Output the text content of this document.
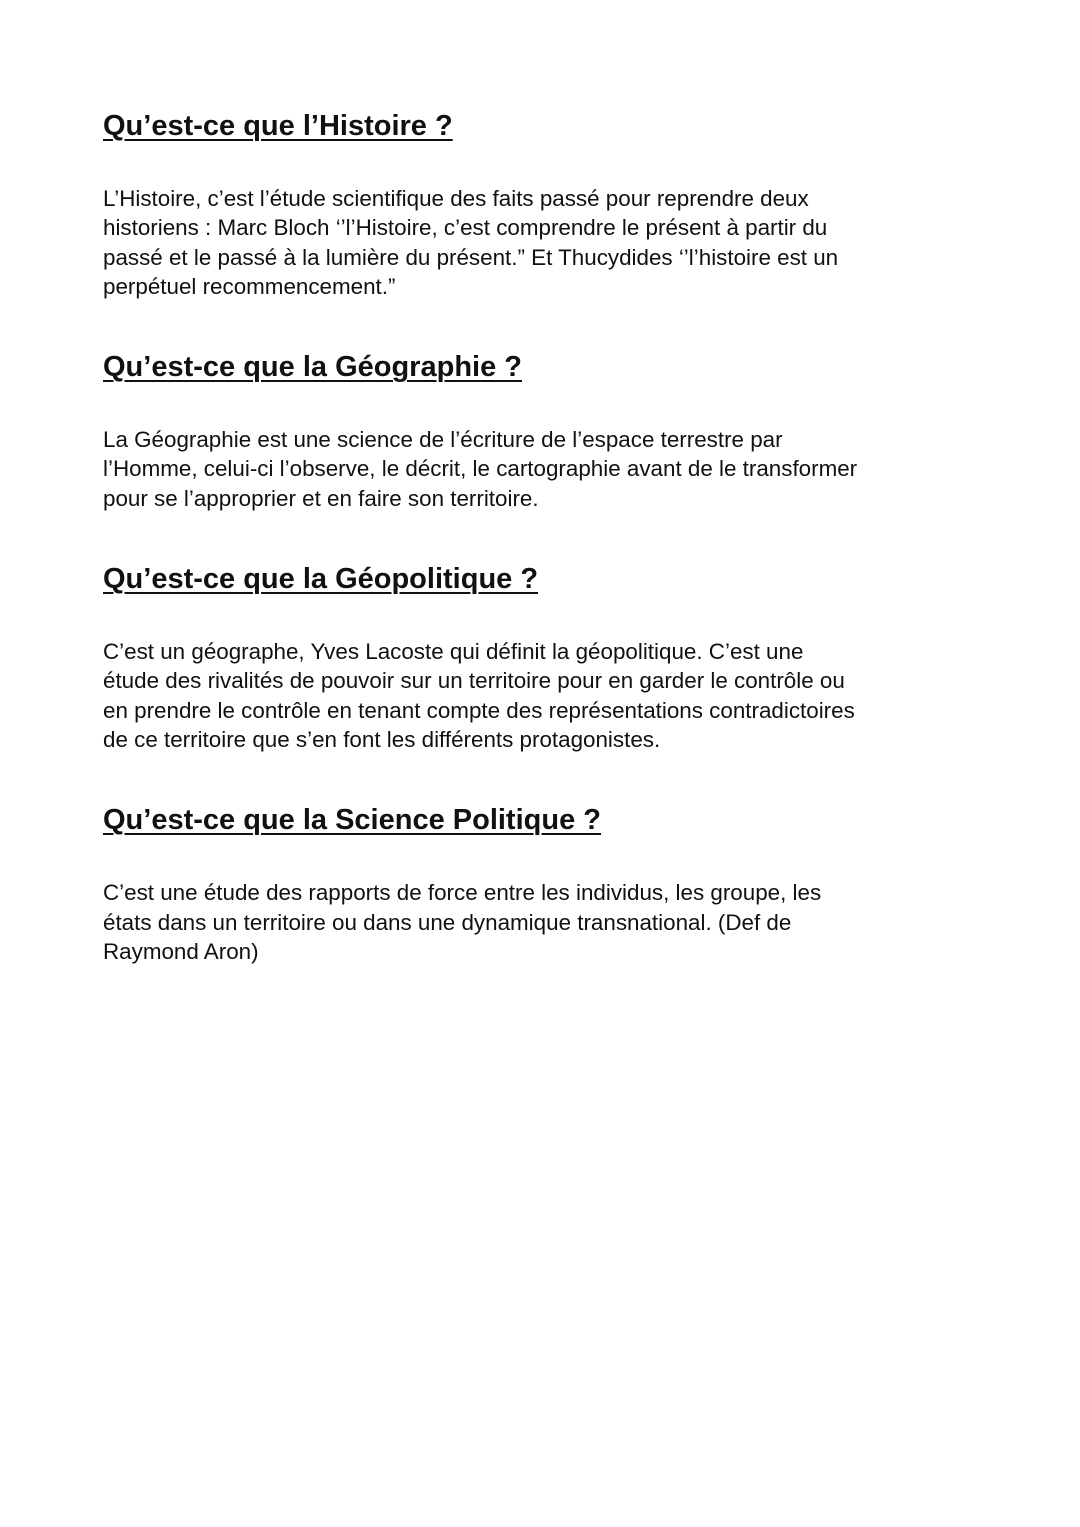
Qu’est-ce que l’Histoire ?

L’Histoire, c’est l’étude scientifique des faits passé pour reprendre deux
historiens : Marc Bloch ‘’l’Histoire, c’est comprendre le présent à partir du
passé et le passé à la lumière du présent.” Et Thucydides ‘’l’histoire est un
perpétuel recommencement.”

Qu’est-ce que la Géographie ?

La Géographie est une science de l’écriture de l’espace terrestre par
l’Homme, celui-ci l’observe, le décrit, le cartographie avant de le transformer
pour se l’approprier et en faire son territoire.

Qu’est-ce que la Géopolitique ?

C’est un géographe, Yves Lacoste qui définit la géopolitique. C’est une
étude des rivalités de pouvoir sur un territoire pour en garder le contrôle ou
en prendre le contrôle en tenant compte des représentations contradictoires
de ce territoire que s’en font les différents protagonistes.

Qu’est-ce que la Science Politique ?

C’est une étude des rapports de force entre les individus, les groupe, les
états dans un territoire ou dans une dynamique transnational. (Def de
Raymond Aron)
